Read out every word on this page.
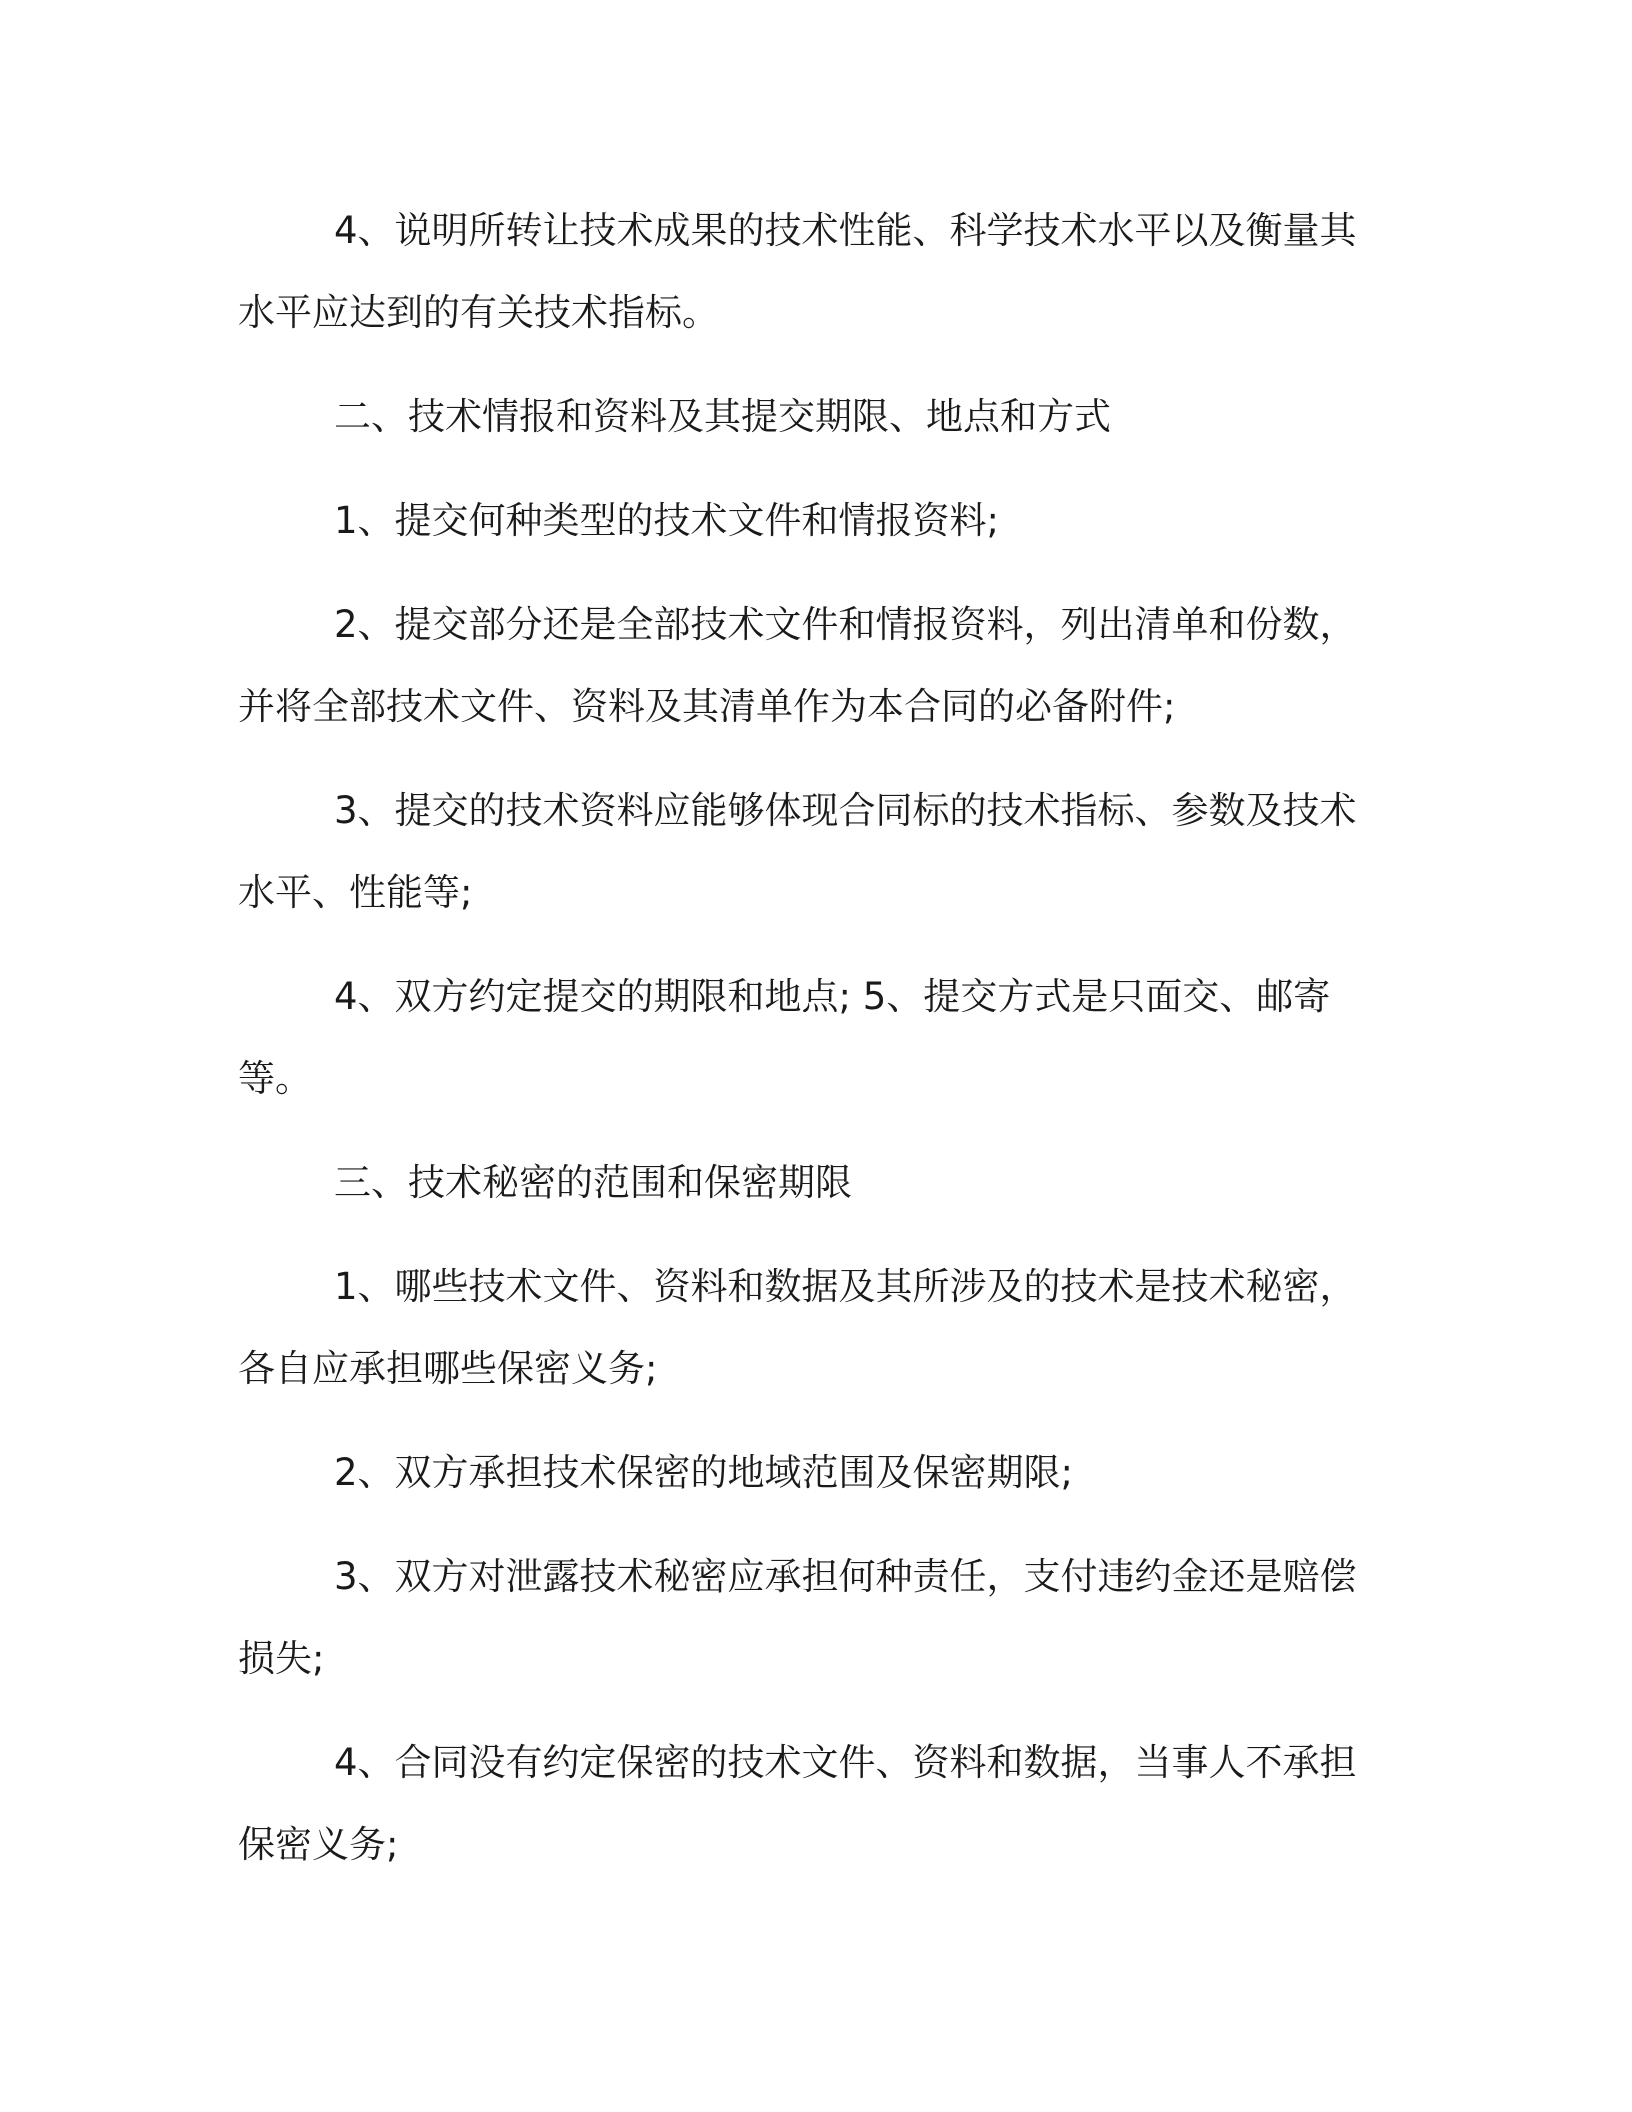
4、说明所转让技术成果的技术性能、科学技术水平以及衡量其水平应达到的有关技术指标。

二、技术情报和资料及其提交期限、地点和方式

1、提交何种类型的技术文件和情报资料;

2、提交部分还是全部技术文件和情报资料，列出清单和份数，并将全部技术文件、资料及其清单作为本合同的必备附件;

3、提交的技术资料应能够体现合同标的技术指标、参数及技术水平、性能等;

4、双方约定提交的期限和地点; 5、提交方式是只面交、邮寄等。

三、技术秘密的范围和保密期限

1、哪些技术文件、资料和数据及其所涉及的技术是技术秘密，各自应承担哪些保密义务;

2、双方承担技术保密的地域范围及保密期限;

3、双方对泄露技术秘密应承担何种责任，支付违约金还是赔偿损失;

4、合同没有约定保密的技术文件、资料和数据，当事人不承担保密义务;
